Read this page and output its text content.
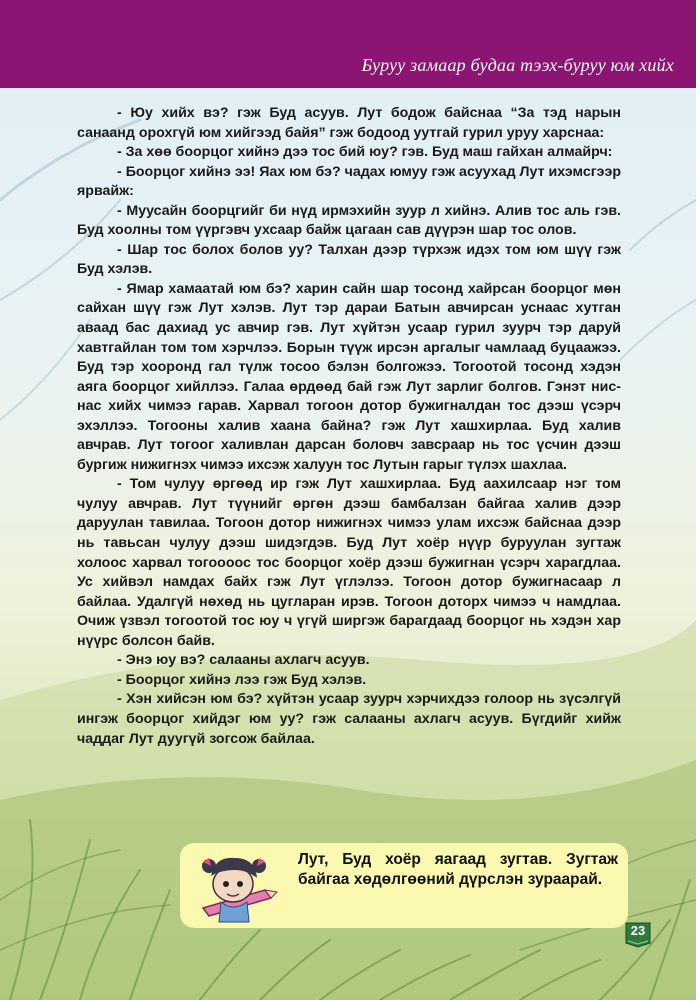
Буруу замаар будаа тээх-буруу юм хийх

- Юу хийх вэ? гэж Буд асуув. Лут бодож байснаа “За тэд нарын санаанд орохгүй юм хийгээд байя” гэж бодоод уутгай гурил уруу харснаа:

- За хөө боорцог хийнэ дээ тос бий юу? гэв. Буд маш гайхан алмайрч:

- Боорцог хийнэ ээ! Яах юм бэ? чадах юмуу гэж асуухад Лут ихэмсгээр ярвайж:

- Муусайн боорцгийг би нүд ирмэхийн зуур л хийнэ. Алив тос аль гэв. Буд хоолны том үүргэвч ухсаар байж цагаан сав дүүрэн шар тос олов.

- Шар тос болох болов уу? Талхан дээр түрхэж идэх том юм шүү гэж Буд хэлэв.

- Ямар хамаатай юм бэ? харин сайн шар тосонд хайрсан боорцог мөн сайхан шүү гэж Лут хэлэв. Лут тэр дараи Батын авчирсан уснаас хутган аваад бас дахиад ус авчир гэв. Лут хүйтэн усаар гурил зуурч тэр даруй хавтгайлан том том хэрчлээ. Борын түүж ирсэн аргалыг чамлаад буцаажээ. Буд тэр хооронд гал түлж тосоо бэлэн болгожээ. Тогоотой тосонд хэдэн аяга боорцог хийллээ. Галаа өрдөөд бай гэж Лут зарлиг болгов. Гэнэт нис-нас хийх чимээ гарав. Харвал тогоон дотор бужигналдан тос дээш үсэрч эхэллээ. Тогооны халив хаана байна? гэж Лут хашхирлаа. Буд халив авчрав. Лут тогоог халивлан дарсан боловч завсраар нь тос үсчин дээш бургиж нижигнэх чимээ ихсэж халуун тос Лутын гарыг түлэх шахлаа.

- Том чулуу өргөөд ир гэж Лут хашхирлаа. Буд аахилсаар нэг том чулуу авчрав. Лут түүнийг өргөн дээш бамбалзан байгаа халив дээр даруулан тавилаа. Тогоон дотор нижигнэх чимээ улам ихсэж байснаа дээр нь тавьсан чулуу дээш шидэгдэв. Буд Лут хоёр нүүр буруулан зугтаж холоос харвал тогоооос тос боорцог хоёр дээш бужигнан үсэрч харагдлаа. Ус хийвэл намдах байх гэж Лут үглэлээ. Тогоон дотор бужигнасаар л байлаа. Удалгүй нөхөд нь цугларан ирэв. Тогоон доторх чимээ ч намдлаа. Очиж үзвэл тогоотой тос юу ч үгүй ширгэж барагдаад боорцог нь хэдэн хар нүүрс болсон байв.

- Энэ юу вэ? салааны ахлагч асуув.

- Боорцог хийнэ лээ гэж Буд хэлэв.

- Хэн хийсэн юм бэ? хүйтэн усаар зуурч хэрчихдээ голоор нь зүсэлгүй ингэж боорцог хийдэг юм уу? гэж салааны ахлагч асуув. Бүгдийг хийж чаддаг Лут дуугүй зогсож байлаа.

Лут, Буд хоёр яагаад зугтав. Зугтаж байгаа хөдөлгөөний дүрслэн зураарай.
23
